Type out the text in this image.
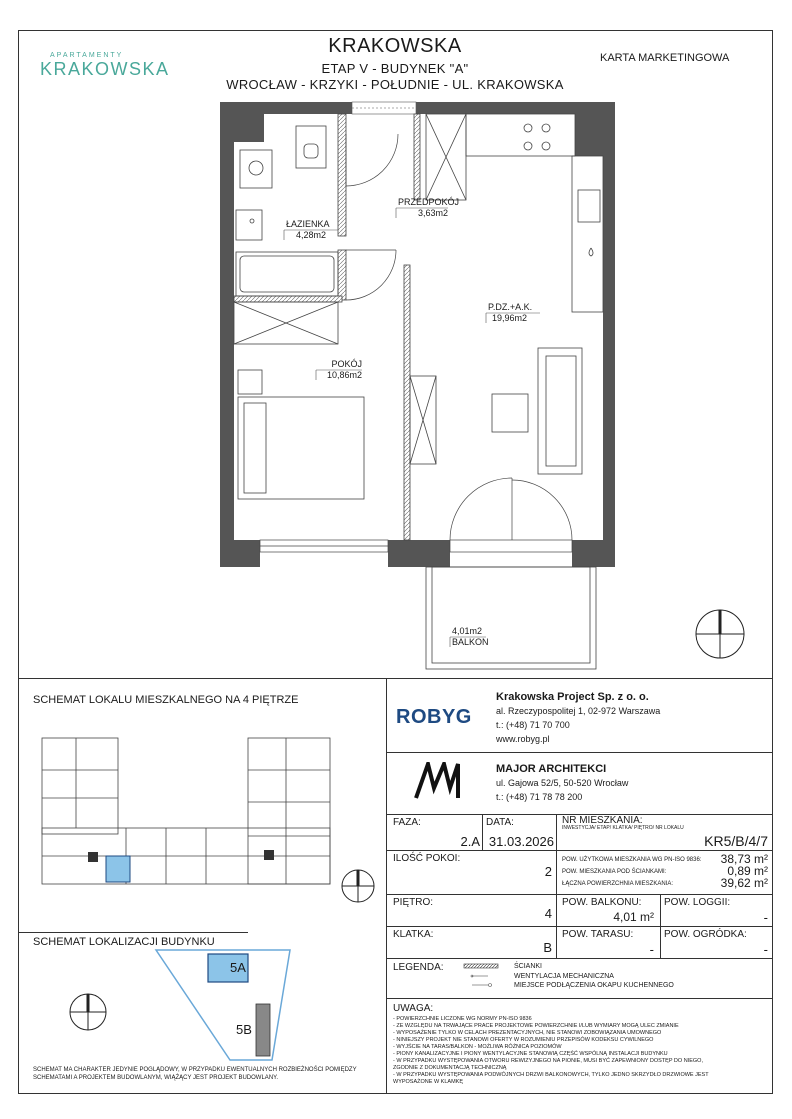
APARTAMENTY
KRAKOWSKA
KRAKOWSKA
ETAP V - BUDYNEK "A"
WROCŁAW - KRZYKI - POŁUDNIE - UL. KRAKOWSKA
KARTA MARKETINGOWA
ŁAZIENKA
4,28m2
PRZEDPOKÓJ
3,63m2
P.DZ.+A.K.
19,96m2
POKÓJ
10,86m2
4,01m2
BALKON
SCHEMAT LOKALU MIESZKALNEGO NA 4 PIĘTRZE
SCHEMAT LOKALIZACJI BUDYNKU
5A
5B
SCHEMAT MA CHARAKTER JEDYNIE POGLĄDOWY, W PRZYPADKU EWENTUALNYCH ROZBIEŻNOŚCI POMIĘDZY SCHEMATAMI A PROJEKTEM BUDOWLANYM, WIĄŻĄCY JEST PROJEKT BUDOWLANY.
ROBYG
Krakowska Project Sp. z o. o.
al. Rzeczypospolitej 1, 02-972 Warszawa
t.: (+48) 71 70 700
www.robyg.pl
MAJOR ARCHITEKCI
ul. Gajowa 52/5, 50-520 Wrocław
t.: (+48) 71 78 78 200
FAZA:
2.A
DATA:
31.03.2026
NR MIESZKANIA:
INWESTYCJA/ ETAP/ KLATKA/ PIĘTRO/ NR LOKALU
KR5/B/4/7
ILOŚĆ POKOI:
2
POW. UŻYTKOWA MIESZKANIA WG PN-ISO 9836:	38,73 m²
POW. MIESZKANIA POD ŚCIANKAMI:	0,89 m²
ŁĄCZNA POWIERZCHNIA MIESZKANIA:	39,62 m²
PIĘTRO:
4
POW. BALKONU:
4,01 m²
POW. LOGGII:
-
KLATKA:
B
POW. TARASU:
-
POW. OGRÓDKA:
-
LEGENDA:	ŚCIANKI
WENTYLACJA MECHANICZNA
MIEJSCE PODŁĄCZENIA OKAPU KUCHENNEGO
UWAGA:
- POWIERZCHNIE LICZONE WG NORMY PN-ISO 9836
- ZE WZGLĘDU NA TRWAJĄCE PRACE PROJEKTOWE POWIERZCHNIE I/LUB WYMIARY MOGĄ ULEC ZMIANIE
- WYPOSAŻENIE TYLKO W CELACH PREZENTACYJNYCH, NIE STANOWI ZOBOWIĄZANIA UMOWNEGO
- NINIEJSZY PROJEKT NIE STANOWI OFERTY W ROZUMIENIU PRZEPISÓW KODEKSU CYWILNEGO
- WYJŚCIE NA TARAS/BALKON - MOŻLIWA RÓŻNICA POZIOMÓW
- PIONY KANALIZACYJNE I PIONY WENTYLACYJNE STANOWIĄ CZĘŚĆ WSPÓLNĄ INSTALACJI BUDYNKU
- W PRZYPADKU WYSTĘPOWANIA OTWORU REWIZYJNEGO NA PIONIE, MUSI BYĆ ZAPEWNIONY DOSTĘP DO NIEGO, ZGODNIE Z DOKUMENTACJĄ TECHNICZNĄ
- W PRZYPADKU WYSTĘPOWANIA PODWÓJNYCH DRZWI BALKONOWYCH, TYLKO JEDNO SKRZYDŁO DRZWIOWE JEST WYPOSAŻONE W KLAMKĘ
